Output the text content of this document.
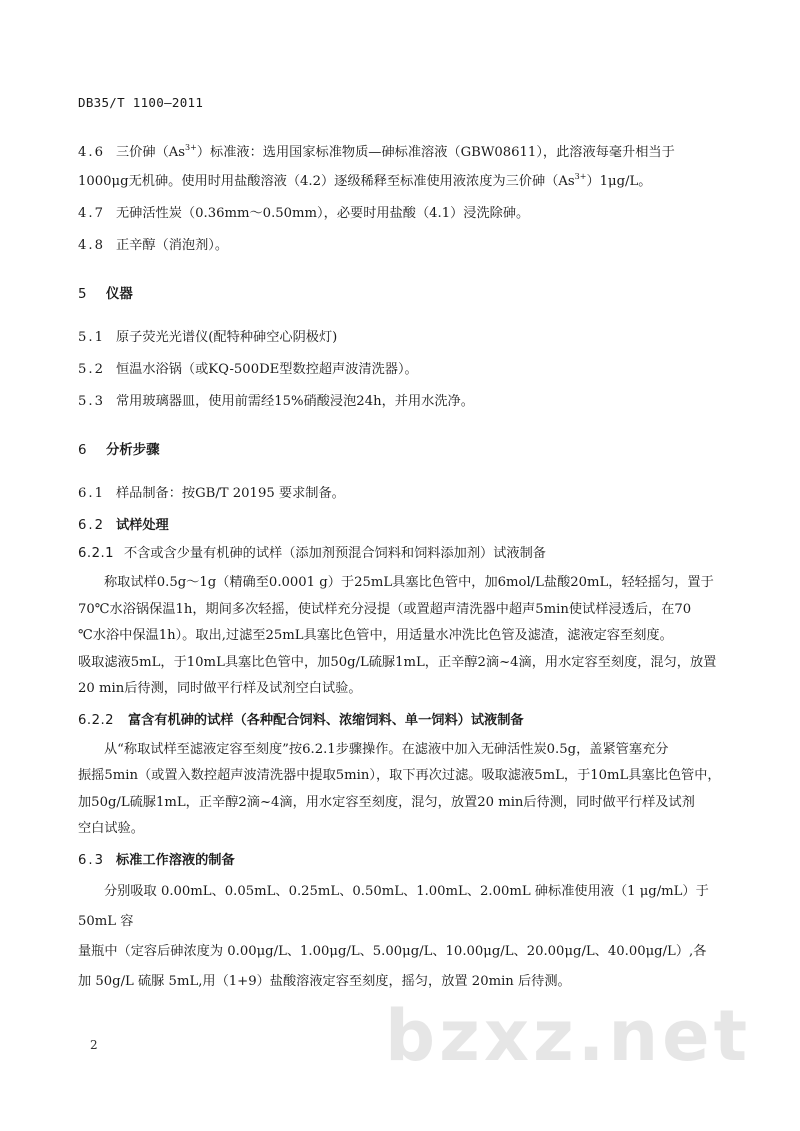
DB35/T 1100—2011
4.6 三价砷$(As^{3+})$标准液：选用国家标准物质—砷标准溶液（GBW08611），此溶液每毫升相当于
1000μg无机砷。使用时用盐酸溶液（4.2）逐级稀释至标准使用液浓度为三价砷$(As^{3+})1\mu g/L$。
4.7 无砷活性炭（0.36mm～0.50mm），必要时用盐酸（4.1）浸洗除砷。
4.8 正辛醇（消泡剂）。
5 仪器
5.1 原子荧光光谱仪(配特种砷空心阴极灯)
5.2 恒温水浴锅（或KQ-500DE型数控超声波清洗器）。
5.3 常用玻璃器皿，使用前需经15%硝酸浸泡24h，并用水洗净。
6 分析步骤
6.1 样品制备：按GB/T 20195 要求制备。
6.2 试样处理
6.2.1 不含或含少量有机砷的试样（添加剂预混合饲料和饲料添加剂）试液制备
称取试样0.5g～1g（精确至0.0001 g）于25mL具塞比色管中，加6mol/L盐酸20mL，轻轻摇匀，置于
70℃水浴锅保温1h，期间多次轻摇，使试样充分浸提（或置超声清洗器中超声5min使试样浸透后，在70
℃水浴中保温1h）。取出,过滤至25mL具塞比色管中，用适量水冲洗比色管及滤渣，滤液定容至刻度。
吸取滤液5mL，于10mL具塞比色管中，加50g/L硫脲1mL，正辛醇2滴~4滴，用水定容至刻度，混匀，放置
20 min后待测，同时做平行样及试剂空白试验。
6.2.2 富含有机砷的试样（各种配合饲料、浓缩饲料、单一饲料）试液制备
从“称取试样至滤液定容至刻度”按6.2.1步骤操作。在滤液中加入无砷活性炭0.5g，盖紧管塞充分
振摇5min（或置入数控超声波清洗器中提取5min），取下再次过滤。吸取滤液5mL，于10mL具塞比色管中，
加50g/L硫脲1mL，正辛醇2滴~4滴，用水定容至刻度，混匀，放置20 min后待测，同时做平行样及试剂
空白试验。
6.3 标准工作溶液的制备
分别吸取 0.00mL、0.05mL、0.25mL、0.50mL、1.00mL、2.00mL 砷标准使用液（1 μg/mL）于 50mL 容
量瓶中（定容后砷浓度为 0.00μg/L、1.00μg/L、5.00μg/L、10.00μg/L、20.00μg/L、40.00μg/L）,各
加 50g/L 硫脲 5mL,用（1+9）盐酸溶液定容至刻度，摇匀，放置 20min 后待测。
bzxz.net
2
